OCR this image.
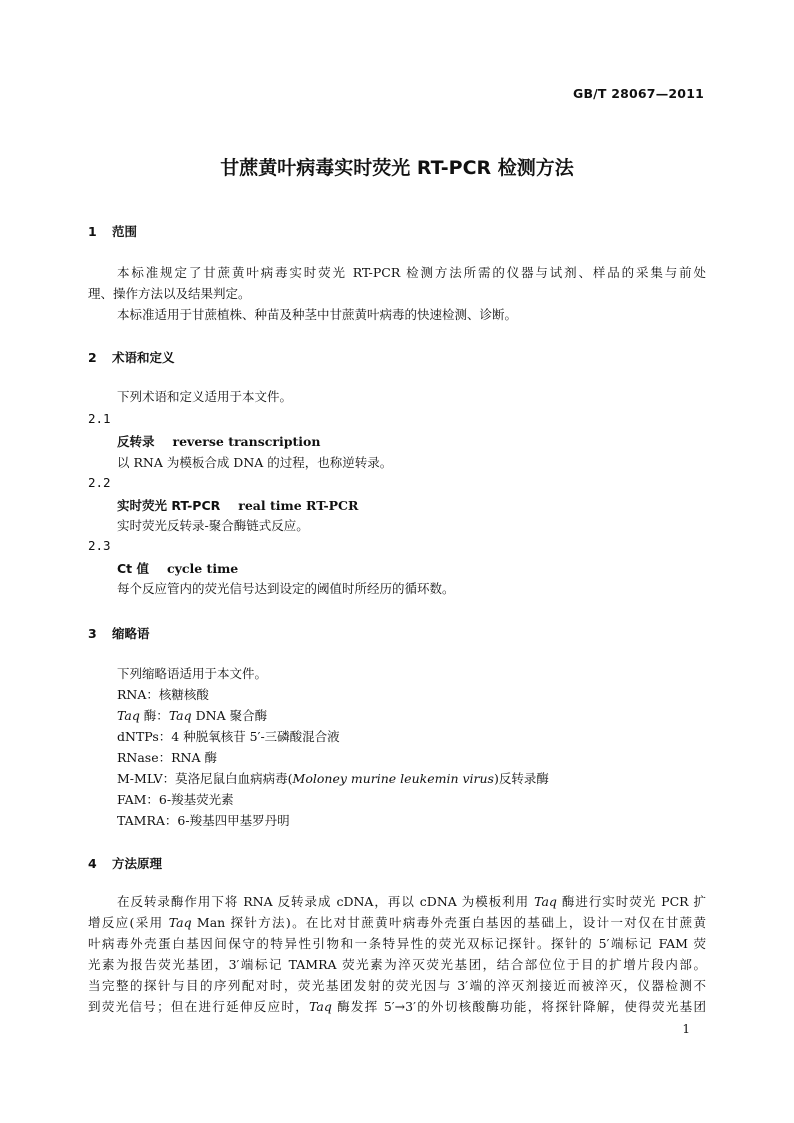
GB/T 28067—2011
甘蔗黄叶病毒实时荧光 RT-PCR 检测方法
1 范围
本标准规定了甘蔗黄叶病毒实时荧光 RT-PCR 检测方法所需的仪器与试剂、样品的采集与前处
理、操作方法以及结果判定。
本标准适用于甘蔗植株、种苗及种茎中甘蔗黄叶病毒的快速检测、诊断。
2 术语和定义
下列术语和定义适用于本文件。
2.1
反转录 reverse transcription
以 RNA 为模板合成 DNA 的过程，也称逆转录。
2.2
实时荧光 RT-PCR real time RT-PCR
实时荧光反转录-聚合酶链式反应。
2.3
Ct 值 cycle time
每个反应管内的荧光信号达到设定的阈值时所经历的循环数。
3 缩略语
下列缩略语适用于本文件。
RNA：核糖核酸
Taq 酶：Taq DNA 聚合酶
dNTPs：4 种脱氧核苷 5′-三磷酸混合液
RNase：RNA 酶
M-MLV：莫洛尼鼠白血病病毒(Moloney murine leukemin virus)反转录酶
FAM：6-羧基荧光素
TAMRA：6-羧基四甲基罗丹明
4 方法原理
在反转录酶作用下将 RNA 反转录成 cDNA，再以 cDNA 为模板利用 Taq 酶进行实时荧光 PCR 扩
增反应(采用 Taq Man 探针方法)。在比对甘蔗黄叶病毒外壳蛋白基因的基础上，设计一对仅在甘蔗黄
叶病毒外壳蛋白基因间保守的特异性引物和一条特异性的荧光双标记探针。探针的 5′端标记 FAM 荧
光素为报告荧光基团，3′端标记 TAMRA 荧光素为淬灭荧光基团，结合部位位于目的扩增片段内部。
当完整的探针与目的序列配对时，荧光基团发射的荧光因与 3′端的淬灭剂接近而被淬灭，仪器检测不
到荧光信号；但在进行延伸反应时，Taq 酶发挥 5′→3′的外切核酸酶功能，将探针降解，使得荧光基团
1
